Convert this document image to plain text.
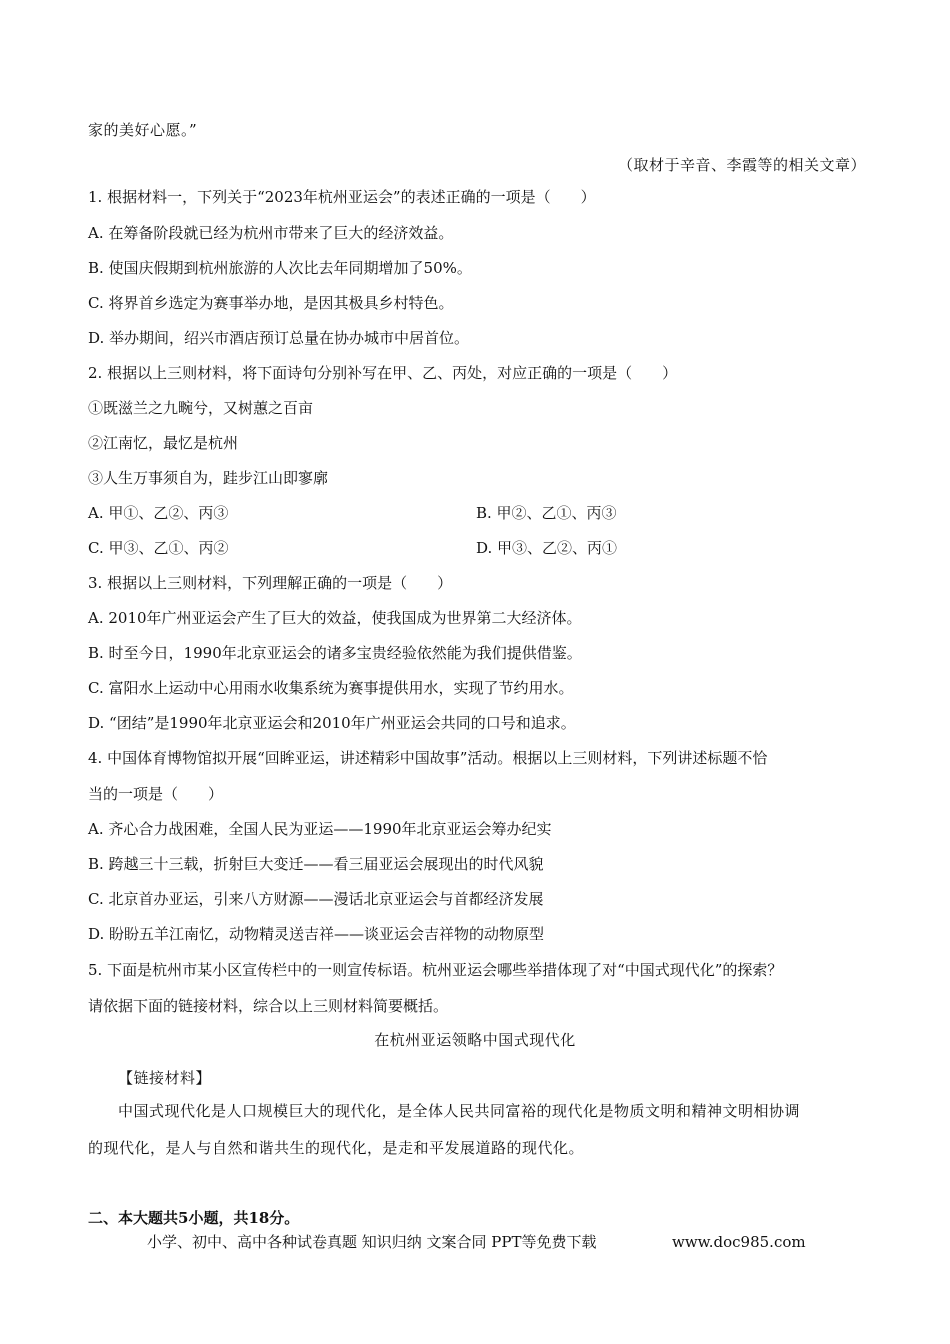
家的美好心愿。”
（取材于辛音、李霞等的相关文章）
1. 根据材料一，下列关于“2023年杭州亚运会”的表述正确的一项是（　　）
A. 在筹备阶段就已经为杭州市带来了巨大的经济效益。
B. 使国庆假期到杭州旅游的人次比去年同期增加了50%。
C. 将界首乡选定为赛事举办地，是因其极具乡村特色。
D. 举办期间，绍兴市酒店预订总量在协办城市中居首位。
2. 根据以上三则材料，将下面诗句分别补写在甲、乙、丙处，对应正确的一项是（　　）
①既滋兰之九畹兮，又树蕙之百亩
②江南忆，最忆是杭州
③人生万事须自为，跬步江山即寥廓
A. 甲①、乙②、丙③	B. 甲②、乙①、丙③
C. 甲③、乙①、丙②	D. 甲③、乙②、丙①
3. 根据以上三则材料，下列理解正确的一项是（　　）
A. 2010年广州亚运会产生了巨大的效益，使我国成为世界第二大经济体。
B. 时至今日，1990年北京亚运会的诸多宝贵经验依然能为我们提供借鉴。
C. 富阳水上运动中心用雨水收集系统为赛事提供用水，实现了节约用水。
D. “团结”是1990年北京亚运会和2010年广州亚运会共同的口号和追求。
4. 中国体育博物馆拟开展“回眸亚运，讲述精彩中国故事”活动。根据以上三则材料，下列讲述标题不恰
当的一项是（　　）
A. 齐心合力战困难，全国人民为亚运——1990年北京亚运会筹办纪实
B. 跨越三十三载，折射巨大变迁——看三届亚运会展现出的时代风貌
C. 北京首办亚运，引来八方财源——漫话北京亚运会与首都经济发展
D. 盼盼五羊江南忆，动物精灵送吉祥——谈亚运会吉祥物的动物原型
5. 下面是杭州市某小区宣传栏中的一则宣传标语。杭州亚运会哪些举措体现了对“中国式现代化”的探索？
请依据下面的链接材料，综合以上三则材料简要概括。
在杭州亚运领略中国式现代化
【链接材料】
中国式现代化是人口规模巨大的现代化，是全体人民共同富裕的现代化是物质文明和精神文明相协调
的现代化，是人与自然和谐共生的现代化，是走和平发展道路的现代化。
二、本大题共5小题，共18分。
小学、初中、高中各种试卷真题 知识归纳 文案合同 PPT等免费下载	www.doc985.com
